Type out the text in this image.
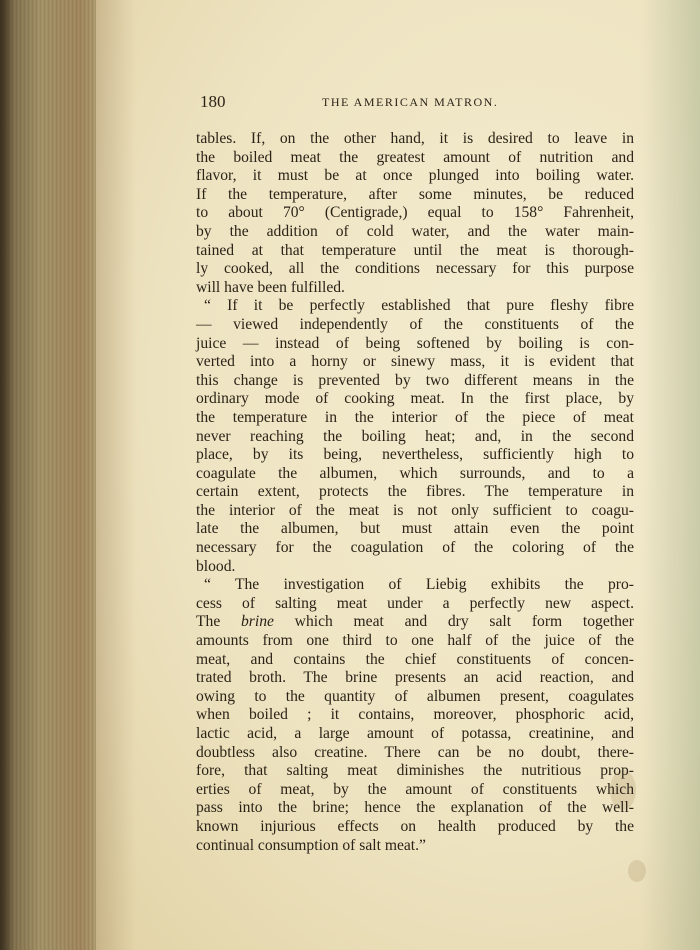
180	THE AMERICAN MATRON.
tables. If, on the other hand, it is desired to leave in
the boiled meat the greatest amount of nutrition and
flavor, it must be at once plunged into boiling water.
If the temperature, after some minutes, be reduced
to about 70° (Centigrade,) equal to 158° Fahrenheit,
by the addition of cold water, and the water main-
tained at that temperature until the meat is thorough-
ly cooked, all the conditions necessary for this purpose
will have been fulfilled.
“ If it be perfectly established that pure fleshy fibre
— viewed independently of the constituents of the
juice — instead of being softened by boiling is con-
verted into a horny or sinewy mass, it is evident that
this change is prevented by two different means in the
ordinary mode of cooking meat. In the first place, by
the temperature in the interior of the piece of meat
never reaching the boiling heat; and, in the second
place, by its being, nevertheless, sufficiently high to
coagulate the albumen, which surrounds, and to a
certain extent, protects the fibres. The temperature in
the interior of the meat is not only sufficient to coagu-
late the albumen, but must attain even the point
necessary for the coagulation of the coloring of the
blood.
“ The investigation of Liebig exhibits the pro-
cess of salting meat under a perfectly new aspect.
The brine which meat and dry salt form together
amounts from one third to one half of the juice of the
meat, and contains the chief constituents of concen-
trated broth. The brine presents an acid reaction, and
owing to the quantity of albumen present, coagulates
when boiled ; it contains, moreover, phosphoric acid,
lactic acid, a large amount of potassa, creatinine, and
doubtless also creatine. There can be no doubt, there-
fore, that salting meat diminishes the nutritious prop-
erties of meat, by the amount of constituents which
pass into the brine; hence the explanation of the well-
known injurious effects on health produced by the
continual consumption of salt meat.”
